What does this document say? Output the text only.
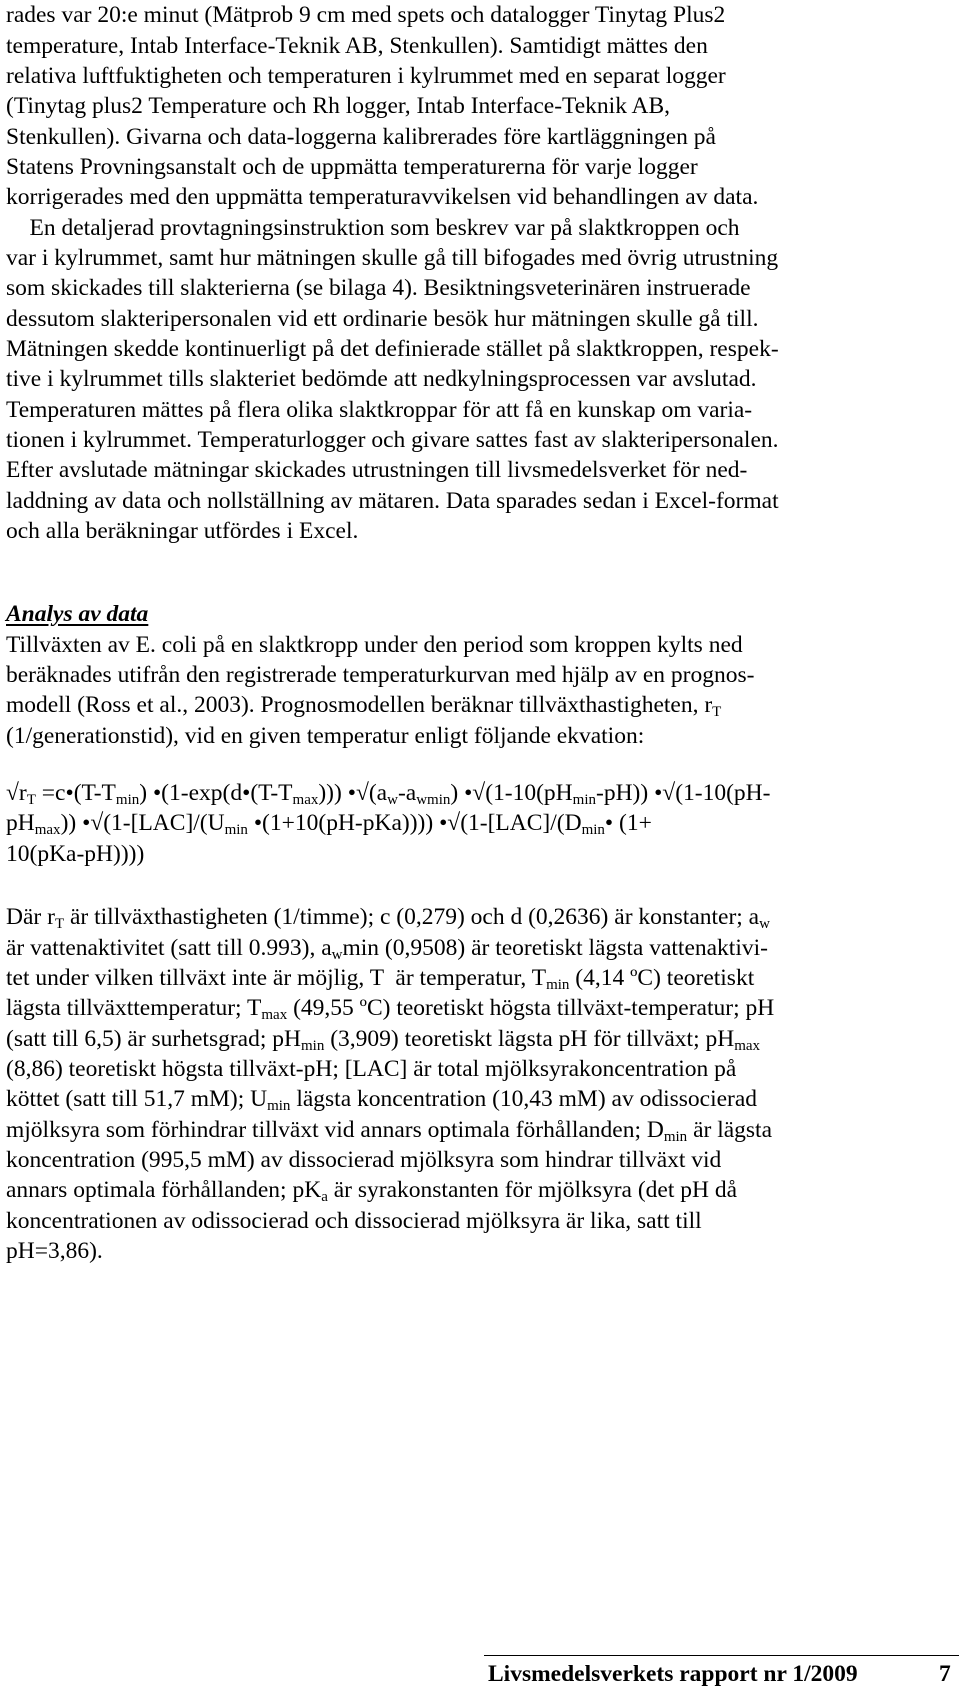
rades var 20:e minut (Mätprob 9 cm med spets och datalogger Tinytag Plus2
temperature, Intab Interface-Teknik AB, Stenkullen). Samtidigt mättes den
relativa luftfuktigheten och temperaturen i kylrummet med en separat logger
(Tinytag plus2 Temperature och Rh logger, Intab Interface-Teknik AB,
Stenkullen). Givarna och data-loggerna kalibrerades före kartläggningen på
Statens Provningsanstalt och de uppmätta temperaturerna för varje logger
korrigerades med den uppmätta temperaturavvikelsen vid behandlingen av data.
En detaljerad provtagningsinstruktion som beskrev var på slaktkroppen och
var i kylrummet, samt hur mätningen skulle gå till bifogades med övrig utrustning
som skickades till slakterierna (se bilaga 4). Besiktningsveterinären instruerade
dessutom slakteripersonalen vid ett ordinarie besök hur mätningen skulle gå till.
Mätningen skedde kontinuerligt på det definierade stället på slaktkroppen, respek-
tive i kylrummet tills slakteriet bedömde att nedkylningsprocessen var avslutad.
Temperaturen mättes på flera olika slaktkroppar för att få en kunskap om varia-
tionen i kylrummet. Temperaturlogger och givare sattes fast av slakteripersonalen.
Efter avslutade mätningar skickades utrustningen till livsmedelsverket för ned-
laddning av data och nollställning av mätaren. Data sparades sedan i Excel-format
och alla beräkningar utfördes i Excel.
Analys av data
Tillväxten av E. coli på en slaktkropp under den period som kroppen kylts ned
beräknades utifrån den registrerade temperaturkurvan med hjälp av en prognos-
modell (Ross et al., 2003). Prognosmodellen beräknar tillväxthastigheten, rT
(1/generationstid), vid en given temperatur enligt följande ekvation:
√rT =c•(T-Tmin) •(1-exp(d•(T-Tmax))) •√(aw-awmin) •√(1-10(pHmin-pH)) •√(1-10(pH-
pHmax)) •√(1-[LAC]/(Umin •(1+10(pH-pKa)))) •√(1-[LAC]/(Dmin• (1+
10(pKa-pH))))
Där rT är tillväxthastigheten (1/timme); c (0,279) och d (0,2636) är konstanter; aw
är vattenaktivitet (satt till 0.993), awmin (0,9508) är teoretiskt lägsta vattenaktivi-
tet under vilken tillväxt inte är möjlig, T  är temperatur, Tmin (4,14 ºC) teoretiskt
lägsta tillväxttemperatur; Tmax (49,55 ºC) teoretiskt högsta tillväxt-temperatur; pH
(satt till 6,5) är surhetsgrad; pHmin (3,909) teoretiskt lägsta pH för tillväxt; pHmax
(8,86) teoretiskt högsta tillväxt-pH; [LAC] är total mjölksyrakoncentration på
köttet (satt till 51,7 mM); Umin lägsta koncentration (10,43 mM) av odissocierad
mjölksyra som förhindrar tillväxt vid annars optimala förhållanden; Dmin är lägsta
koncentration (995,5 mM) av dissocierad mjölksyra som hindrar tillväxt vid
annars optimala förhållanden; pKa är syrakonstanten för mjölksyra (det pH då
koncentrationen av odissocierad och dissocierad mjölksyra är lika, satt till
pH=3,86).
Livsmedelsverkets rapport nr 1/2009	7
